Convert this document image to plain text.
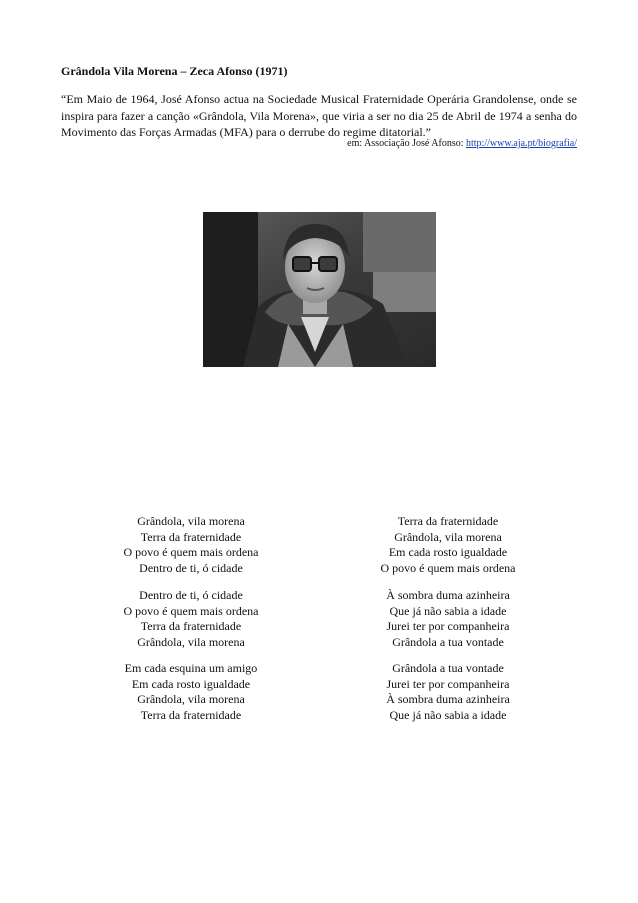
Grândola Vila Morena – Zeca Afonso (1971)
“Em Maio de 1964, José Afonso actua na Sociedade Musical Fraternidade Operária Grandolense, onde se inspira para fazer a canção «Grândola, Vila Morena», que viria a ser no dia 25 de Abril de 1974 a senha do Movimento das Forças Armadas (MFA) para o derrube do regime ditatorial.”
em: Associação José Afonso: http://www.aja.pt/biografia/
Grândola, vila morena
Terra da fraternidade
O povo é quem mais ordena
Dentro de ti, ó cidade
Dentro de ti, ó cidade
O povo é quem mais ordena
Terra da fraternidade
Grândola, vila morena
Em cada esquina um amigo
Em cada rosto igualdade
Grândola, vila morena
Terra da fraternidade
Terra da fraternidade
Grândola, vila morena
Em cada rosto igualdade
O povo é quem mais ordena
À sombra duma azinheira
Que já não sabia a idade
Jurei ter por companheira
Grândola a tua vontade
Grândola a tua vontade
Jurei ter por companheira
À sombra duma azinheira
Que já não sabia a idade
